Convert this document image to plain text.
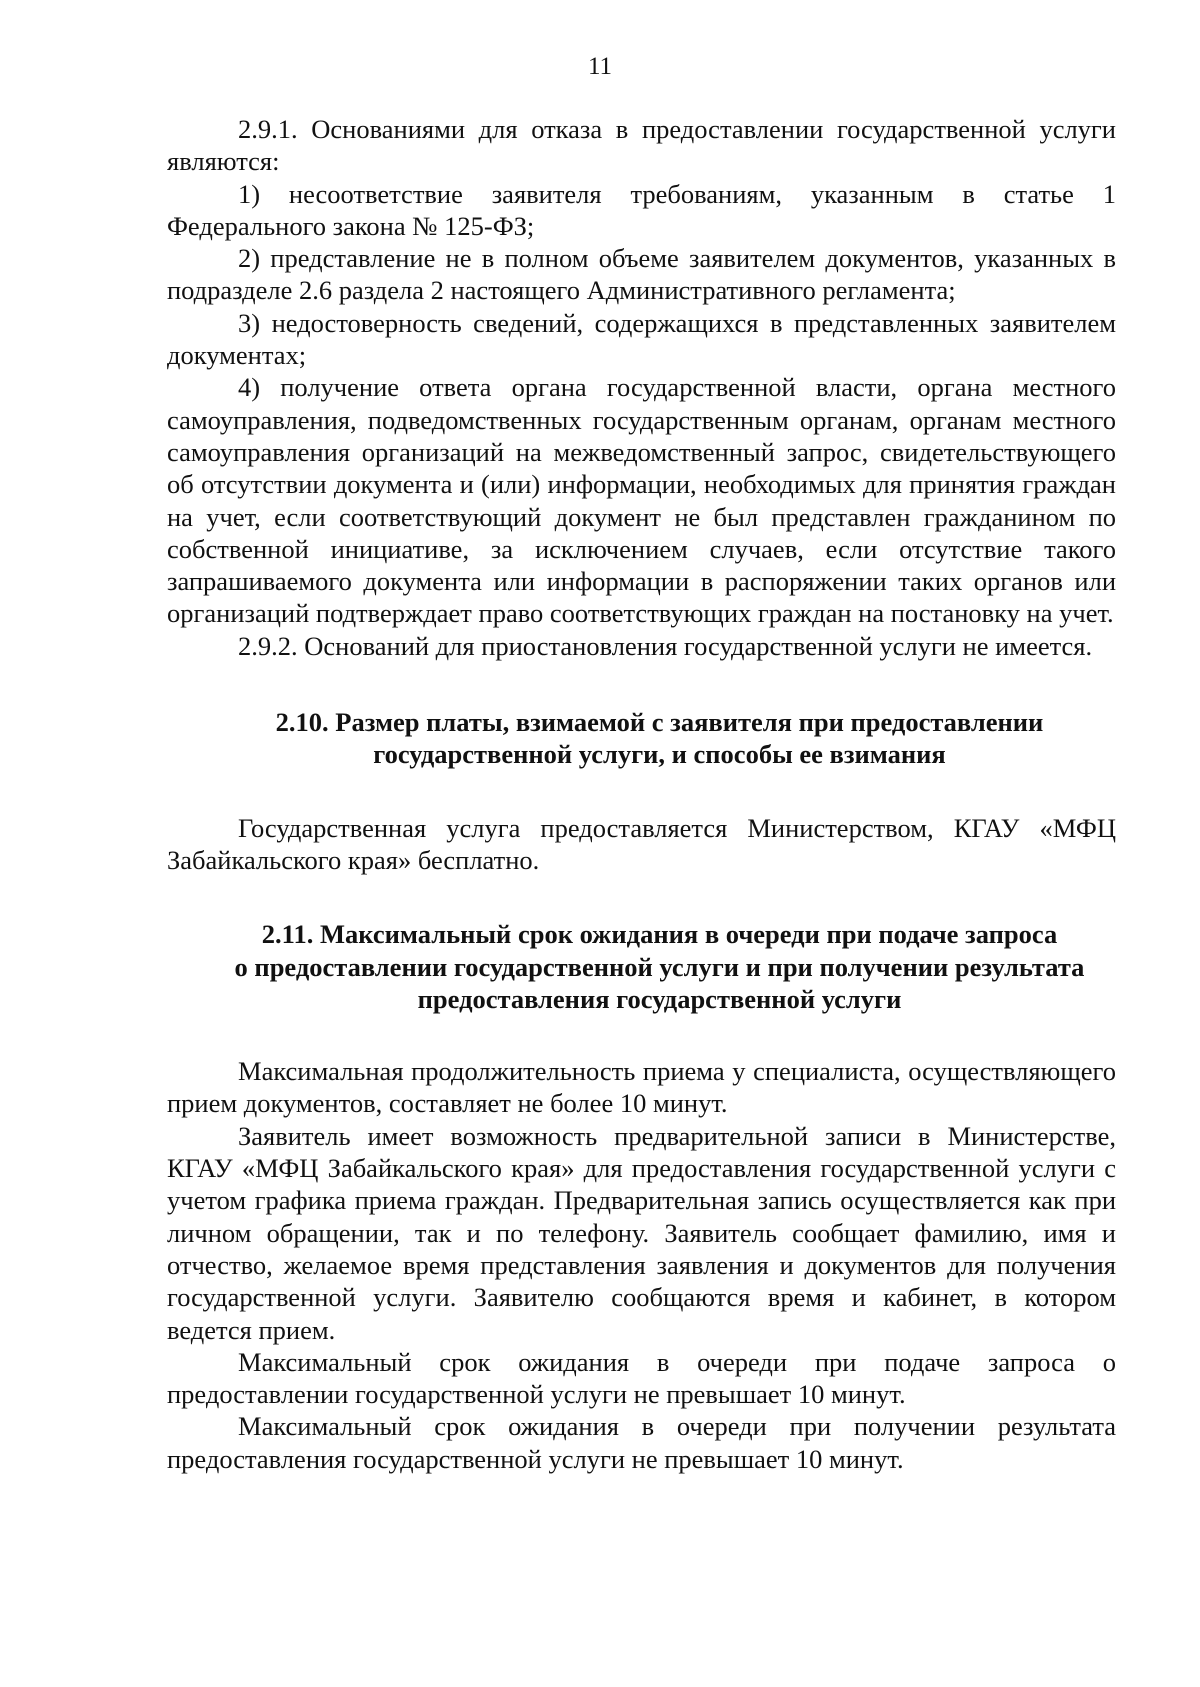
11

2.9.1. Основаниями для отказа в предоставлении государственной услуги являются:

1) несоответствие заявителя требованиям, указанным в статье 1 Федерального закона № 125-ФЗ;

2) представление не в полном объеме заявителем документов, указанных в подразделе 2.6 раздела 2 настоящего Административного регламента;

3) недостоверность сведений, содержащихся в представленных заявителем документах;

4) получение ответа органа государственной власти, органа местного самоуправления, подведомственных государственным органам, органам местного самоуправления организаций на межведомственный запрос, свидетельствующего об отсутствии документа и (или) информации, необходимых для принятия граждан на учет, если соответствующий документ не был представлен гражданином по собственной инициативе, за исключением случаев, если отсутствие такого запрашиваемого документа или информации в распоряжении таких органов или организаций подтверждает право соответствующих граждан на постановку на учет.

2.9.2. Оснований для приостановления государственной услуги не имеется.

2.10. Размер платы, взимаемой с заявителя при предоставлении
государственной услуги, и способы ее взимания

Государственная услуга предоставляется Министерством, КГАУ «МФЦ Забайкальского края» бесплатно.

2.11. Максимальный срок ожидания в очереди при подаче запроса
о предоставлении государственной услуги и при получении результата
предоставления государственной услуги

Максимальная продолжительность приема у специалиста, осуществляющего прием документов, составляет не более 10 минут.

Заявитель имеет возможность предварительной записи в Министерстве, КГАУ «МФЦ Забайкальского края» для предоставления государственной услуги с учетом графика приема граждан. Предварительная запись осуществляется как при личном обращении, так и по телефону. Заявитель сообщает фамилию, имя и отчество, желаемое время представления заявления и документов для получения государственной услуги. Заявителю сообщаются время и кабинет, в котором ведется прием.

Максимальный срок ожидания в очереди при подаче запроса о предоставлении государственной услуги не превышает 10 минут.

Максимальный срок ожидания в очереди при получении результата предоставления государственной услуги не превышает 10 минут.
